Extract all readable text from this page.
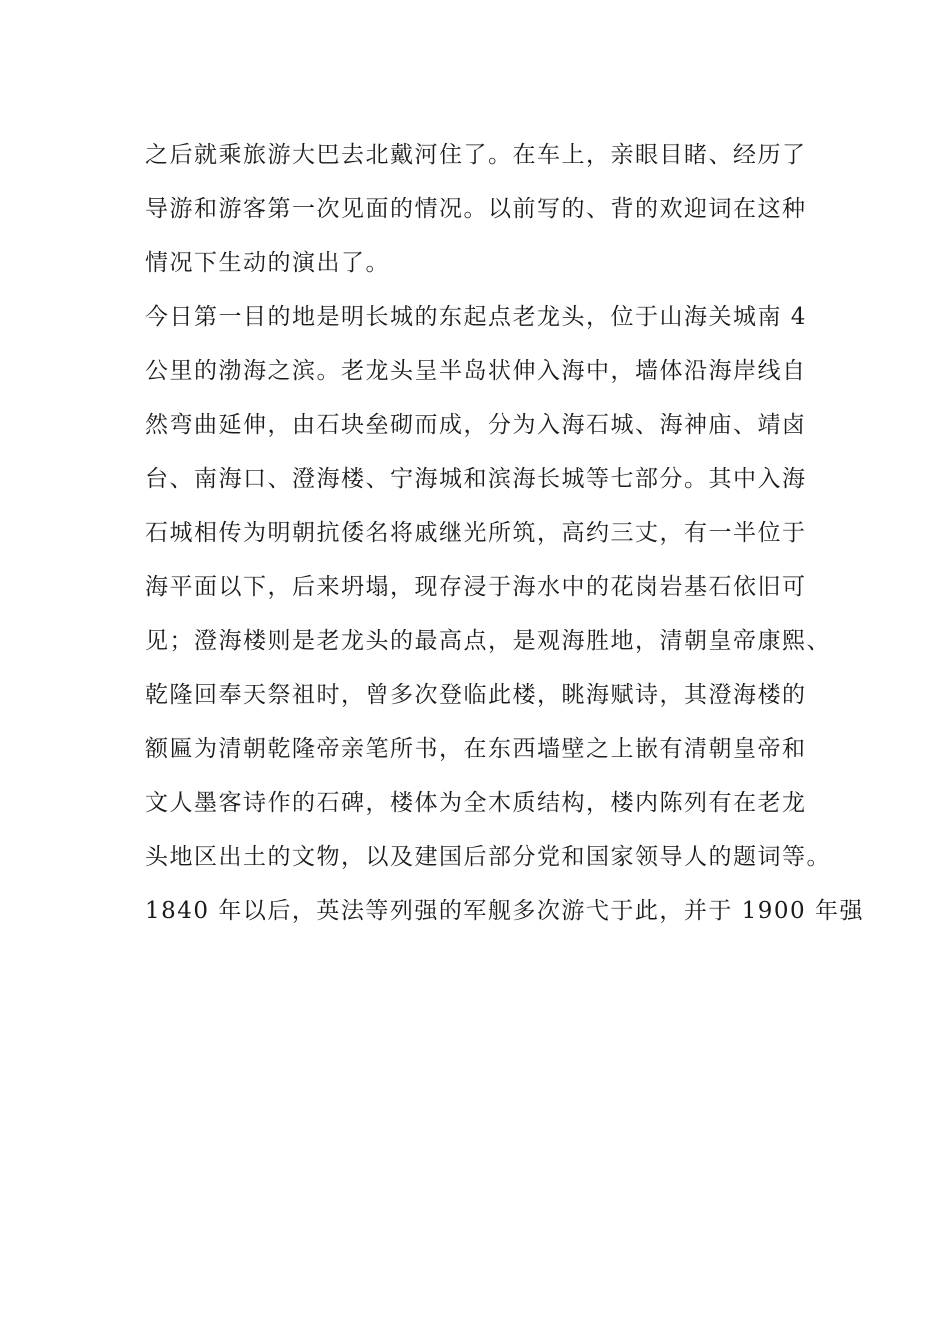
之后就乘旅游大巴去北戴河住了。在车上，亲眼目睹、经历了

导游和游客第一次见面的情况。以前写的、背的欢迎词在这种

情况下生动的演出了。

今日第一目的地是明长城的东起点老龙头，位于山海关城南 4

公里的渤海之滨。老龙头呈半岛状伸入海中，墙体沿海岸线自

然弯曲延伸，由石块垒砌而成，分为入海石城、海神庙、靖卤

台、南海口、澄海楼、宁海城和滨海长城等七部分。其中入海

石城相传为明朝抗倭名将戚继光所筑，高约三丈，有一半位于

海平面以下，后来坍塌，现存浸于海水中的花岗岩基石依旧可

见；澄海楼则是老龙头的最高点，是观海胜地，清朝皇帝康熙、

乾隆回奉天祭祖时，曾多次登临此楼，眺海赋诗，其澄海楼的

额匾为清朝乾隆帝亲笔所书，在东西墙壁之上嵌有清朝皇帝和

文人墨客诗作的石碑，楼体为全木质结构，楼内陈列有在老龙

头地区出土的文物，以及建国后部分党和国家领导人的题词等。

1840 年以后，英法等列强的军舰多次游弋于此，并于 1900 年强
